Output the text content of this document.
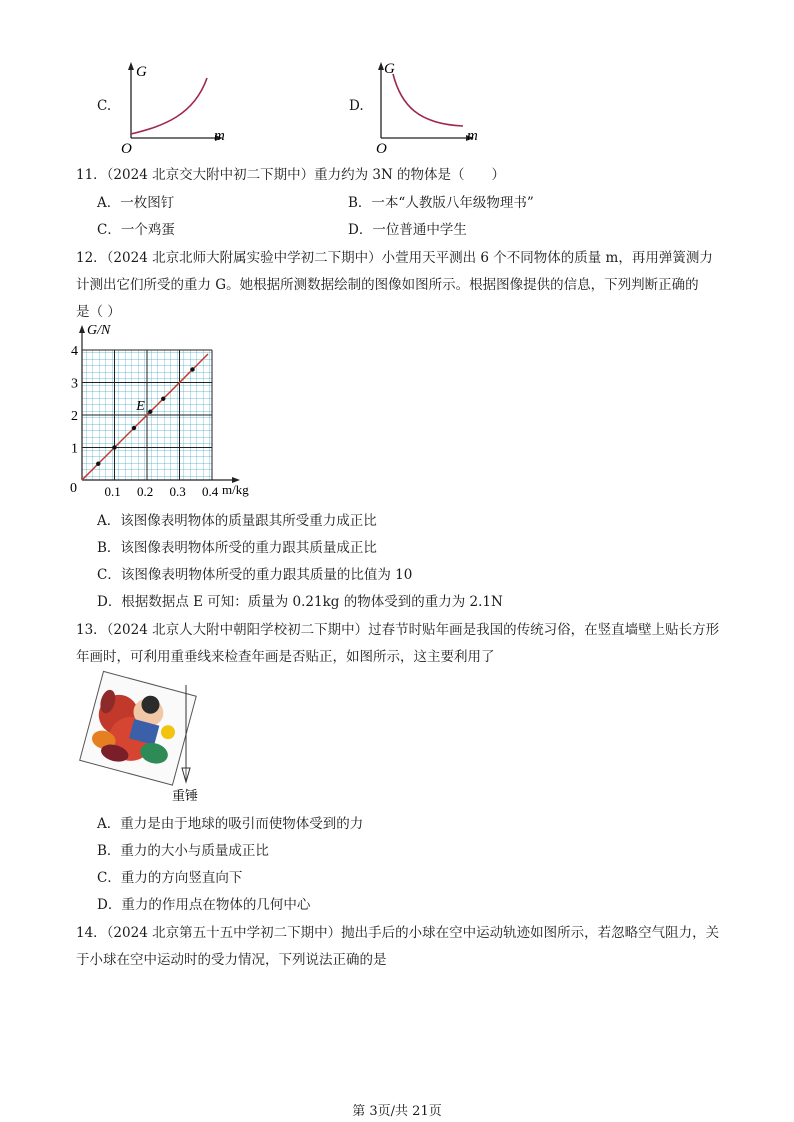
C.
G
m
O
D.
G
m
O
11．（2024 北京交大附中初二下期中）重力约为 3N 的物体是（　　）
A．一枚图钉	B．一本“人教版八年级物理书”
C．一个鸡蛋	D．一位普通中学生
12．（2024 北京北师大附属实验中学初二下期中）小萱用天平测出 6 个不同物体的质量 m，再用弹簧测力
计测出它们所受的重力 G。她根据所测数据绘制的图像如图所示。根据图像提供的信息，下列判断正确的
是（ ）
1
2
3
4
0.1 0.2 0.3 0.4
G/N
m/kg
0
E
A．该图像表明物体的质量跟其所受重力成正比
B．该图像表明物体所受的重力跟其质量成正比
C．该图像表明物体所受的重力跟其质量的比值为 10
D．根据数据点 E 可知：质量为 0.21kg 的物体受到的重力为 2.1N
13．（2024 北京人大附中朝阳学校初二下期中）过春节时贴年画是我国的传统习俗，在竖直墙壁上贴长方形
年画时，可利用重垂线来检查年画是否贴正，如图所示，这主要利用了
重锤
A．重力是由于地球的吸引而使物体受到的力
B．重力的大小与质量成正比
C．重力的方向竖直向下
D．重力的作用点在物体的几何中心
14．（2024 北京第五十五中学初二下期中）抛出手后的小球在空中运动轨迹如图所示，若忽略空气阻力，关
于小球在空中运动时的受力情况，下列说法正确的是
第 3页/共 21页
